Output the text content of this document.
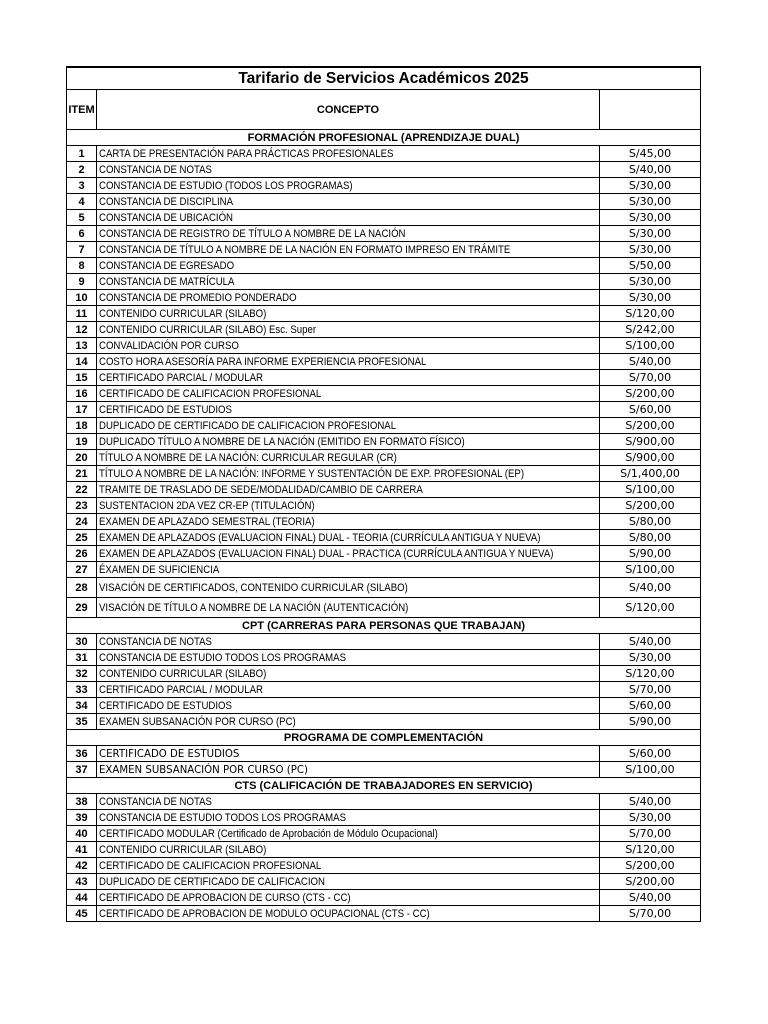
Tarifario de Servicios Académicos 2025		
ITEM	CONCEPTO	
FORMACIÓN PROFESIONAL (APRENDIZAJE DUAL)		
1	CARTA DE PRESENTACIÓN PARA PRÁCTICAS PROFESIONALES	S/45,00
2	CONSTANCIA DE NOTAS	S/40,00
3	CONSTANCIA DE ESTUDIO (TODOS LOS PROGRAMAS)	S/30,00
4	CONSTANCIA DE DISCIPLINA	S/30,00
5	CONSTANCIA DE UBICACIÓN	S/30,00
6	CONSTANCIA DE REGISTRO DE TÍTULO A NOMBRE DE LA NACIÓN	S/30,00
7	CONSTANCIA DE TÍTULO A NOMBRE DE LA NACIÓN EN FORMATO IMPRESO EN TRÁMITE	S/30,00
8	CONSTANCIA DE EGRESADO	S/50,00
9	CONSTANCIA DE MATRÍCULA	S/30,00
10	CONSTANCIA DE PROMEDIO PONDERADO	S/30,00
11	CONTENIDO CURRICULAR (SILABO)	S/120,00
12	CONTENIDO CURRICULAR (SILABO) Esc. Super	S/242,00
13	CONVALIDACIÓN POR CURSO	S/100,00
14	COSTO HORA ASESORÍA PARA INFORME EXPERIENCIA PROFESIONAL	S/40,00
15	CERTIFICADO PARCIAL / MODULAR	S/70,00
16	CERTIFICADO DE CALIFICACION PROFESIONAL	S/200,00
17	CERTIFICADO DE ESTUDIOS	S/60,00
18	DUPLICADO DE CERTIFICADO DE CALIFICACION PROFESIONAL	S/200,00
19	DUPLICADO TÍTULO A NOMBRE DE LA NACIÓN (EMITIDO EN FORMATO FÍSICO)	S/900,00
20	TÍTULO A NOMBRE DE LA NACIÓN: CURRICULAR REGULAR (CR)	S/900,00
21	TÍTULO A NOMBRE DE LA NACIÓN: INFORME Y SUSTENTACIÓN DE EXP. PROFESIONAL (EP)	S/1,400,00
22	TRAMITE DE TRASLADO DE SEDE/MODALIDAD/CAMBIO DE CARRERA	S/100,00
23	SUSTENTACION 2DA VEZ CR-EP (TITULACIÓN)	S/200,00
24	EXAMEN DE APLAZADO SEMESTRAL (TEORIA)	S/80,00
25	EXAMEN DE APLAZADOS (EVALUACION FINAL) DUAL - TEORIA (CURRÍCULA ANTIGUA Y NUEVA)	S/80,00
26	EXAMEN DE APLAZADOS (EVALUACION FINAL) DUAL - PRACTICA (CURRÍCULA ANTIGUA Y NUEVA)	S/90,00
27	ÉXAMEN DE SUFICIENCIA	S/100,00
28	VISACIÓN DE CERTIFICADOS, CONTENIDO CURRICULAR (SILABO)	S/40,00
29	VISACIÓN DE TÍTULO A NOMBRE DE LA NACIÓN (AUTENTICACIÓN)	S/120,00
CPT (CARRERAS PARA PERSONAS QUE TRABAJAN)		
30	CONSTANCIA DE NOTAS	S/40,00
31	CONSTANCIA DE ESTUDIO TODOS LOS PROGRAMAS	S/30,00
32	CONTENIDO CURRICULAR (SILABO)	S/120,00
33	CERTIFICADO PARCIAL / MODULAR	S/70,00
34	CERTIFICADO DE ESTUDIOS	S/60,00
35	EXAMEN SUBSANACIÓN POR CURSO (PC)	S/90,00
PROGRAMA DE COMPLEMENTACIÓN		
36	CERTIFICADO DE ESTUDIOS	S/60,00
37	EXAMEN SUBSANACIÓN POR CURSO (PC)	S/100,00
CTS (CALIFICACIÓN DE TRABAJADORES EN SERVICIO)		
38	CONSTANCIA DE NOTAS	S/40,00
39	CONSTANCIA DE ESTUDIO TODOS LOS PROGRAMAS	S/30,00
40	CERTIFICADO MODULAR (Certificado de Aprobación de Módulo Ocupacional)	S/70,00
41	CONTENIDO CURRICULAR (SILABO)	S/120,00
42	CERTIFICADO DE CALIFICACION PROFESIONAL	S/200,00
43	DUPLICADO DE CERTIFICADO DE CALIFICACION	S/200,00
44	CERTIFICADO DE APROBACION DE CURSO (CTS - CC)	S/40,00
45	CERTIFICADO DE APROBACION DE MODULO OCUPACIONAL (CTS - CC)	S/70,00
